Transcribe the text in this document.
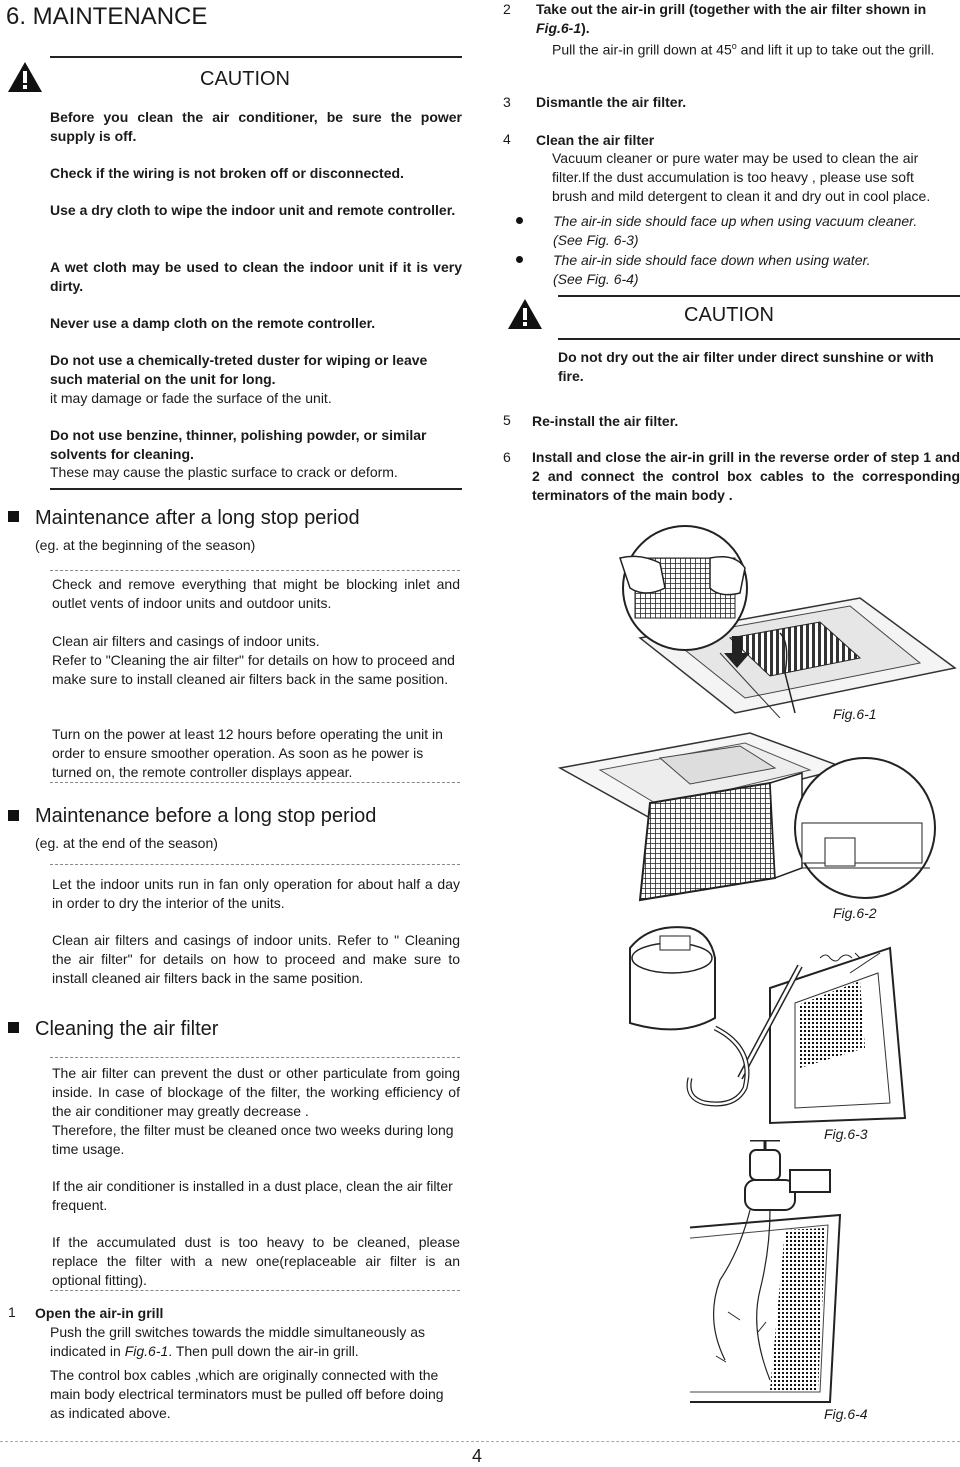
6. MAINTENANCE
CAUTION
Before you clean the air conditioner, be sure the power supply is off.
Check if the wiring is not broken off or disconnected.
Use a dry cloth to wipe the indoor unit and remote controller.
A wet cloth may be used to clean the indoor unit if it is very dirty.
Never use a damp cloth on the remote controller.
Do not use a chemically-treted duster for wiping or leave such material on the unit for long.
it may damage or fade the surface of the unit.
Do not use benzine, thinner, polishing powder, or similar solvents for cleaning.
These may cause the plastic surface to crack or deform.
Maintenance after a long stop period
(eg. at the beginning of the season)
Check and remove everything that might be blocking inlet and outlet vents of indoor units and outdoor units.
Clean air filters and casings of indoor units.
Refer to "Cleaning the air filter" for details on how to proceed and make sure to install cleaned air filters back in the same position.
Turn on the power at least 12 hours before operating the unit in order to ensure smoother operation. As soon as he power is turned on, the remote controller displays appear.
Maintenance before a long stop period
(eg. at the end of the season)
Let the indoor units run in fan only operation for about half a day in order to dry the interior of the units.
Clean air filters and casings of indoor units. Refer to " Cleaning the air filter" for details on how to proceed and make sure to install cleaned air filters back in the same position.
Cleaning the air filter
The air filter can prevent the dust or other particulate from going inside. In case of blockage of the filter, the working efficiency of the air conditioner may greatly decrease .
Therefore, the filter must be cleaned once two weeks during long time usage.
If the air conditioner is installed in a dust place, clean the air filter frequent.
If the accumulated dust is too heavy to be cleaned, please replace the filter with a new one(replaceable air filter is an optional fitting).
1 Open the air-in grill
Push the grill switches towards the middle simultaneously as indicated in Fig.6-1. Then pull down the air-in grill.
The control box cables ,which are originally connected with the main body electrical terminators must be pulled off before doing as indicated above.
2 Take out the air-in grill (together with the air filter shown in Fig.6-1).
Pull the air-in grill down at 45$^o$ and lift it up to take out the grill.
3 Dismantle the air filter.
4 Clean the air filter
Vacuum cleaner or pure water may be used to clean the air filter.If the dust accumulation is too heavy , please use soft brush and mild detergent to clean it and dry out in cool place.
The air-in side should face up when using vacuum cleaner.
(See Fig. 6-3)
The air-in side should face down when using water.
(See Fig. 6-4)
CAUTION
Do not dry out the air filter under direct sunshine or with fire.
5 Re-install the air filter.
6 Install and close the air-in grill in the reverse order of step 1 and 2 and connect the control box cables to the corresponding terminators of the main body .
Fig.6-1
Fig.6-2
Fig.6-3
Fig.6-4
4
